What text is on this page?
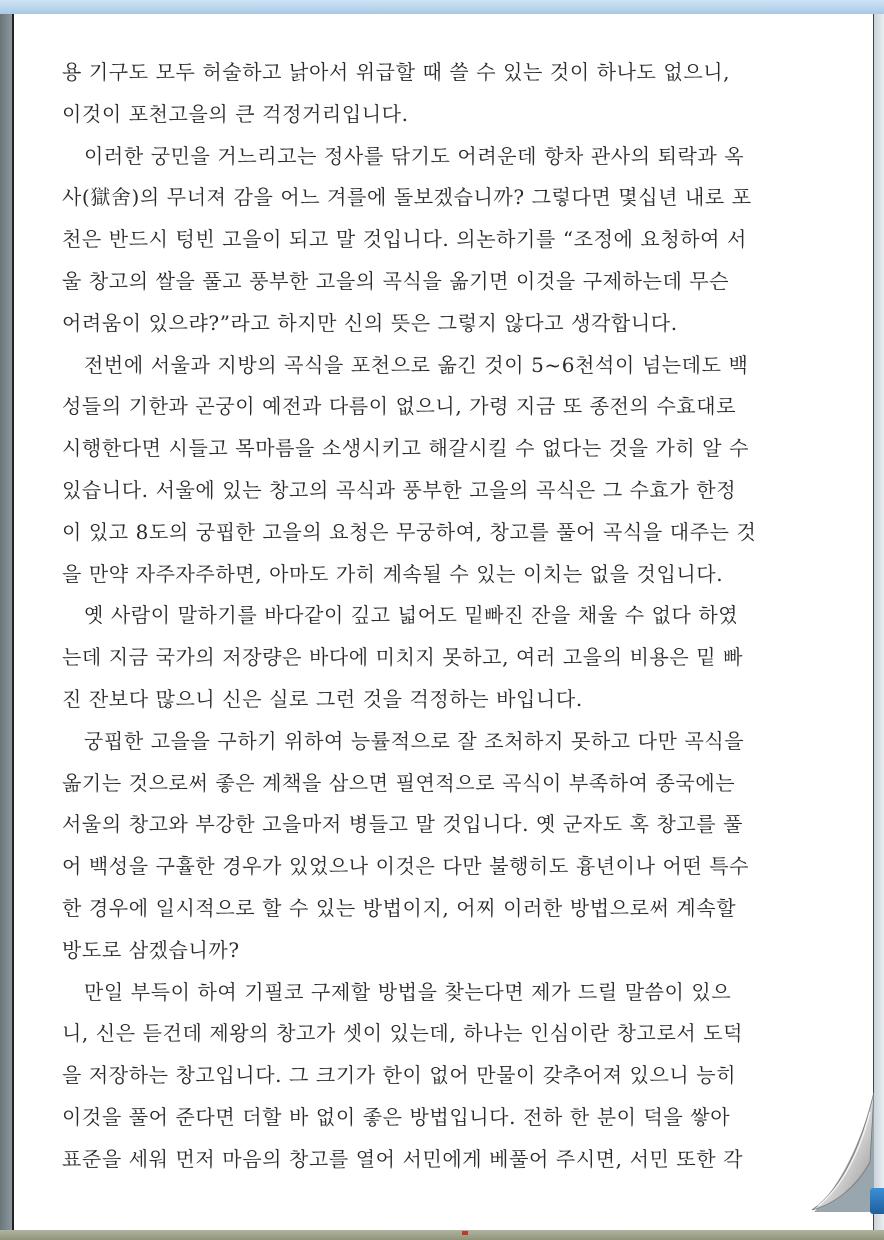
용 기구도 모두 허술하고 낡아서 위급할 때 쓸 수 있는 것이 하나도 없으니,
이것이 포천고을의 큰 걱정거리입니다.
이러한 궁민을 거느리고는 정사를 닦기도 어려운데 항차 관사의 퇴락과 옥
사(獄舍)의 무너져 감을 어느 겨를에 돌보겠습니까? 그렇다면 몇십년 내로 포
천은 반드시 텅빈 고을이 되고 말 것입니다. 의논하기를 “조정에 요청하여 서
울 창고의 쌀을 풀고 풍부한 고을의 곡식을 옮기면 이것을 구제하는데 무슨
어려움이 있으랴?”라고 하지만 신의 뜻은 그렇지 않다고 생각합니다.
전번에 서울과 지방의 곡식을 포천으로 옮긴 것이 5~6천석이 넘는데도 백
성들의 기한과 곤궁이 예전과 다름이 없으니, 가령 지금 또 종전의 수효대로
시행한다면 시들고 목마름을 소생시키고 해갈시킬 수 없다는 것을 가히 알 수
있습니다. 서울에 있는 창고의 곡식과 풍부한 고을의 곡식은 그 수효가 한정
이 있고 8도의 궁핍한 고을의 요청은 무궁하여, 창고를 풀어 곡식을 대주는 것
을 만약 자주자주하면, 아마도 가히 계속될 수 있는 이치는 없을 것입니다.
옛 사람이 말하기를 바다같이 깊고 넓어도 밑빠진 잔을 채울 수 없다 하였
는데 지금 국가의 저장량은 바다에 미치지 못하고, 여러 고을의 비용은 밑 빠
진 잔보다 많으니 신은 실로 그런 것을 걱정하는 바입니다.
궁핍한 고을을 구하기 위하여 능률적으로 잘 조처하지 못하고 다만 곡식을
옮기는 것으로써 좋은 계책을 삼으면 필연적으로 곡식이 부족하여 종국에는
서울의 창고와 부강한 고을마저 병들고 말 것입니다. 옛 군자도 혹 창고를 풀
어 백성을 구휼한 경우가 있었으나 이것은 다만 불행히도 흉년이나 어떤 특수
한 경우에 일시적으로 할 수 있는 방법이지, 어찌 이러한 방법으로써 계속할
방도로 삼겠습니까?
만일 부득이 하여 기필코 구제할 방법을 찾는다면 제가 드릴 말씀이 있으
니, 신은 듣건데 제왕의 창고가 셋이 있는데, 하나는 인심이란 창고로서 도덕
을 저장하는 창고입니다. 그 크기가 한이 없어 만물이 갖추어져 있으니 능히
이것을 풀어 준다면 더할 바 없이 좋은 방법입니다. 전하 한 분이 덕을 쌓아
표준을 세워 먼저 마음의 창고를 열어 서민에게 베풀어 주시면, 서민 또한 각
